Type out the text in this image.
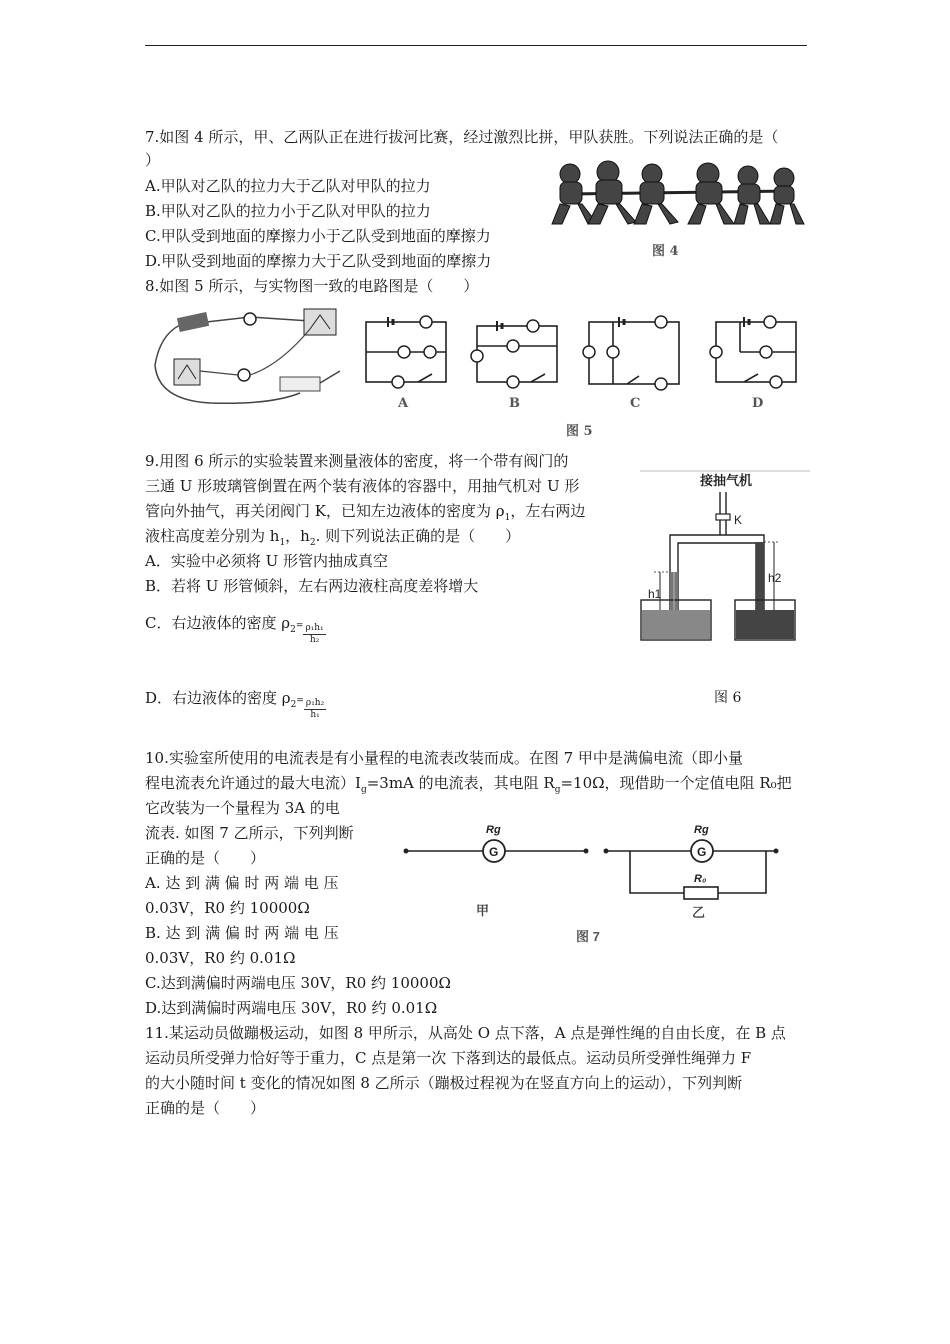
7.如图 4 所示，甲、乙两队正在进行拔河比赛，经过激烈比拼，甲队获胜。下列说法正确的是（
）
A.甲队对乙队的拉力大于乙队对甲队的拉力
B.甲队对乙队的拉力小于乙队对甲队的拉力
C.甲队受到地面的摩擦力小于乙队受到地面的摩擦力
D.甲队受到地面的摩擦力大于乙队受到地面的摩擦力
图 4
8.如图 5 所示，与实物图一致的电路图是（　　）
A	B	C	D
图 5
9.用图 6 所示的实验装置来测量液体的密度，将一个带有阀门的
三通 U 形玻璃管倒置在两个装有液体的容器中，用抽气机对 U 形
管向外抽气，再关闭阀门 K，已知左边液体的密度为 $\rho_1$，左右两边
液柱高度差分别为 $h_1$，$h_2$. 则下列说法正确的是（　　）
A．实验中必须将 U 形管内抽成真空
B．若将 U 形管倾斜，左右两边液柱高度差将增大
C．右边液体的密度 $\rho_2= \frac{\text{ρ₁h₁}}{\text{h₂}}$
D．右边液体的密度 $\rho_2= \frac{\text{ρ₁h₂}}{\text{h₁}}$
接抽气机
K
h1
h2
图 6
10.实验室所使用的电流表是有小量程的电流表改装而成。在图 7 甲中是满偏电流（即小量
程电流表允许通过的最大电流）$I_g=3mA$ 的电流表，其电阻 $R_g=10\Omega$，现借助一个定值电阻 R₀把
它改装为一个量程为 3A 的电
流表. 如图 7 乙所示，下列判断
正确的是（　　）
A. 达 到 满 偏 时 两 端 电 压
0.03V，R0 约 10000Ω
B. 达 到 满 偏 时 两 端 电 压
0.03V，R0 约 0.01Ω
C.达到满偏时两端电压 30V，R0 约 10000Ω
D.达到满偏时两端电压 30V，R0 约 0.01Ω
G
Rg
甲
G
Rg
R₀
乙
图 7
11.某运动员做蹦极运动，如图 8 甲所示，从高处 O 点下落，A 点是弹性绳的自由长度，在 B 点
运动员所受弹力恰好等于重力，C 点是第一次 下落到达的最低点。运动员所受弹性绳弹力 F
的大小随时间 t 变化的情况如图 8 乙所示（蹦极过程视为在竖直方向上的运动），下列判断
正确的是（　　）
